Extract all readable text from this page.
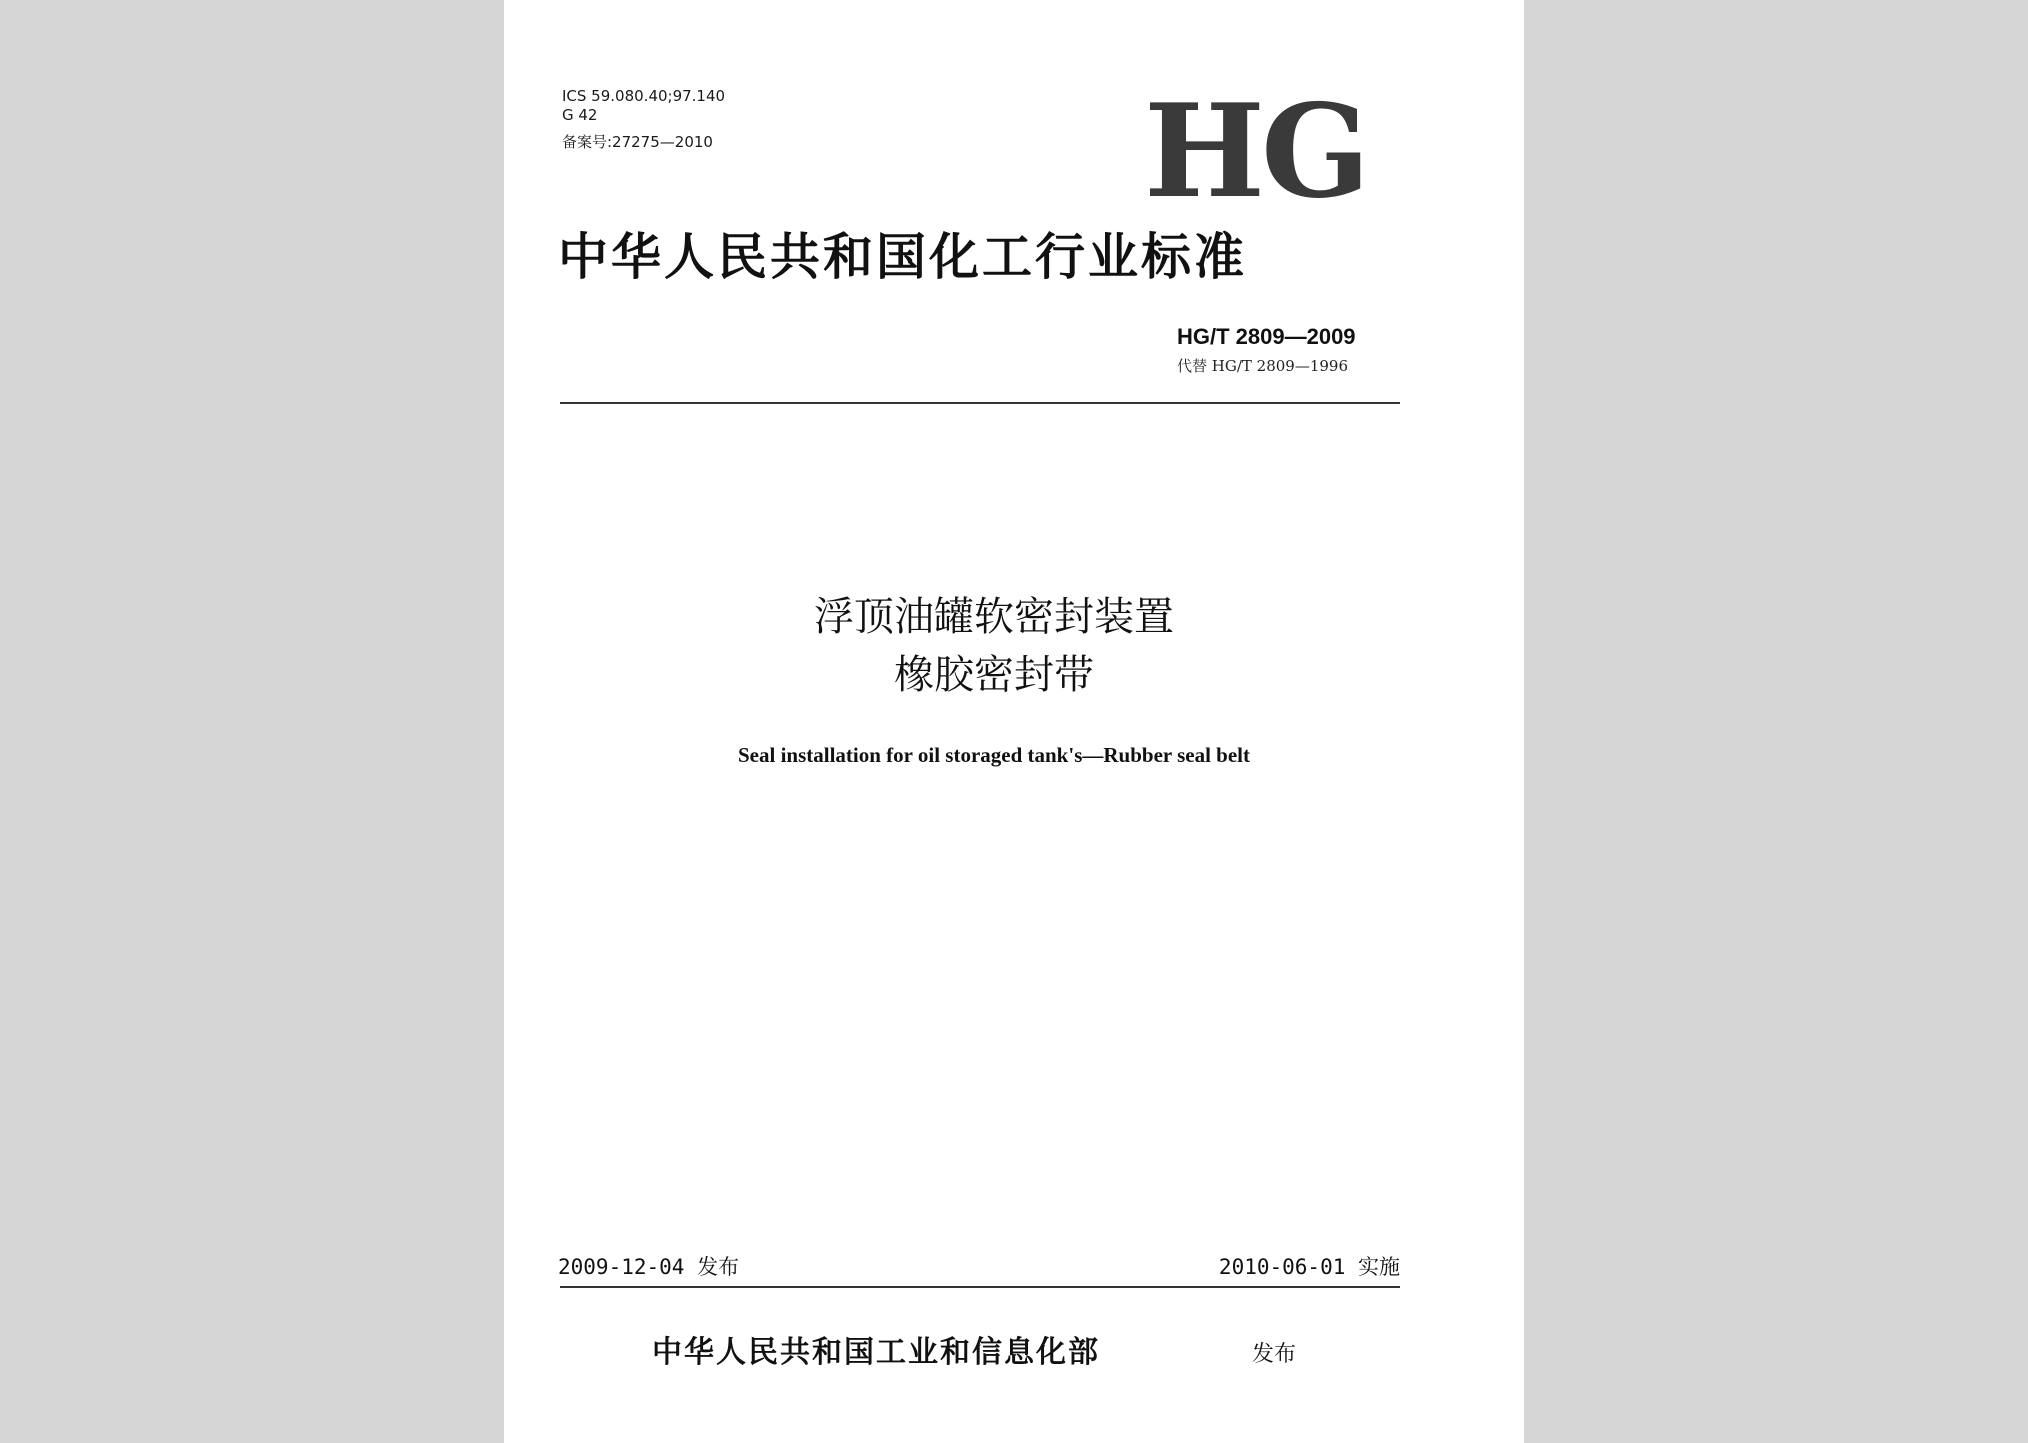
ICS 59.080.40;97.140
G 42
备案号:27275—2010	HG
中华人民共和国化工行业标准
HG/T 2809—2009
代替 HG/T 2809—1996
浮顶油罐软密封装置
橡胶密封带
Seal installation for oil storaged tank's—Rubber seal belt
2009-12-04 发布	2010-06-01 实施
中华人民共和国工业和信息化部	发布
